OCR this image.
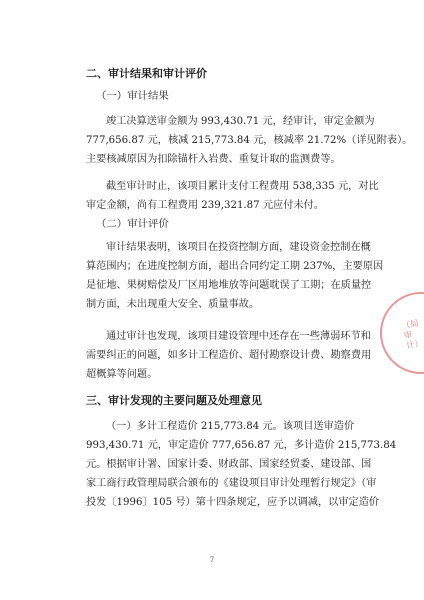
二、审计结果和审计评价
（一）审计结果
竣工决算送审金额为 993,430.71 元，经审计，审定金额为
777,656.87 元，核减 215,773.84 元，核减率 21.72%（详见附表）。
主要核减原因为扣除锚杆入岩费、重复计取的监测费等。
截至审计时止，该项目累计支付工程费用 538,335 元，对比
审定金额，尚有工程费用 239,321.87 元应付未付。
（二）审计评价
审计结果表明，该项目在投资控制方面，建设资金控制在概
算范围内；在进度控制方面，超出合同约定工期 237%，主要原因
是征地、果树赔偿及厂区用地堆放等问题耽误了工期；在质量控
制方面，未出现重大安全、质量事故。
通过审计也发现，该项目建设管理中还存在一些薄弱环节和
需要纠正的问题，如多计工程造价、超付勘察设计费、勘察费用
超概算等问题。
三、审计发现的主要问题及处理意见
（一）多计工程造价 215,773.84 元。该项目送审造价
993,430.71 元，审定造价 777,656.87 元，多计造价 215,773.84
元。根据审计署、国家计委、财政部、国家经贸委、建设部、国
家工商行政管理局联合颁布的《建设项目审计处理暂行规定》（审
投发〔1996〕105 号）第十四条规定，应予以调减，以审定造价
7
（局审计）
